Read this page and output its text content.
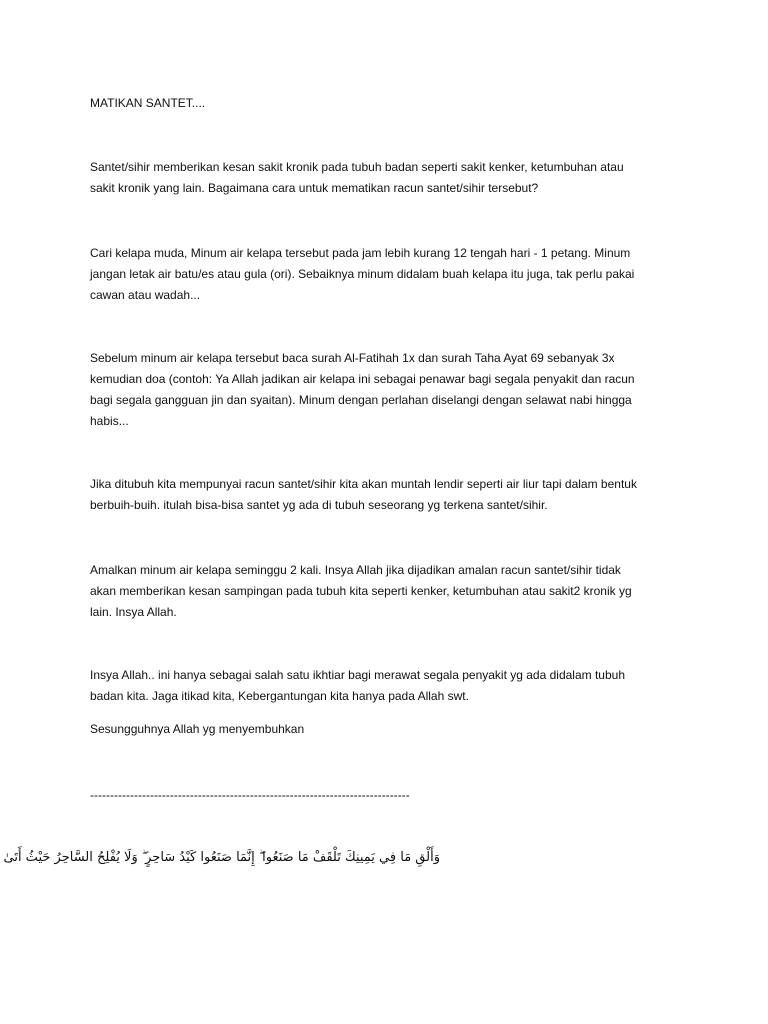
MATIKAN SANTET....

Santet/sihir memberikan kesan sakit kronik pada tubuh badan seperti sakit kenker, ketumbuhan atau
sakit kronik yang lain. Bagaimana cara untuk mematikan racun santet/sihir tersebut?

Cari kelapa muda, Minum air kelapa tersebut pada jam lebih kurang 12 tengah hari - 1 petang. Minum
jangan letak air batu/es atau gula (ori). Sebaiknya minum didalam buah kelapa itu juga, tak perlu pakai
cawan atau wadah...

Sebelum minum air kelapa tersebut baca surah Al-Fatihah 1x dan surah Taha Ayat 69 sebanyak 3x
kemudian doa (contoh: Ya Allah jadikan air kelapa ini sebagai penawar bagi segala penyakit dan racun
bagi segala gangguan jin dan syaitan). Minum dengan perlahan diselangi dengan selawat nabi hingga
habis...

Jika ditubuh kita mempunyai racun santet/sihir kita akan muntah lendir seperti air liur tapi dalam bentuk
berbuih-buih. itulah bisa-bisa santet yg ada di tubuh seseorang yg terkena santet/sihir.

Amalkan minum air kelapa seminggu 2 kali. Insya Allah jika dijadikan amalan racun santet/sihir tidak
akan memberikan kesan sampingan pada tubuh kita seperti kenker, ketumbuhan atau sakit2 kronik yg
lain. Insya Allah.

Insya Allah.. ini hanya sebagai salah satu ikhtiar bagi merawat segala penyakit yg ada didalam tubuh
badan kita. Jaga itikad kita, Kebergantungan kita hanya pada Allah swt.

Sesungguhnya Allah yg menyembuhkan

--------------------------------------------------------------------------------

وَأَلْقِ مَا فِي يَمِينِكَ تَلْقَفْ مَا صَنَعُوا ۖ إِنَّمَا صَنَعُوا كَيْدُ سَاحِرٍ ۖ وَلَا يُفْلِحُ السَّاحِرُ حَيْثُ أَتَىٰ
